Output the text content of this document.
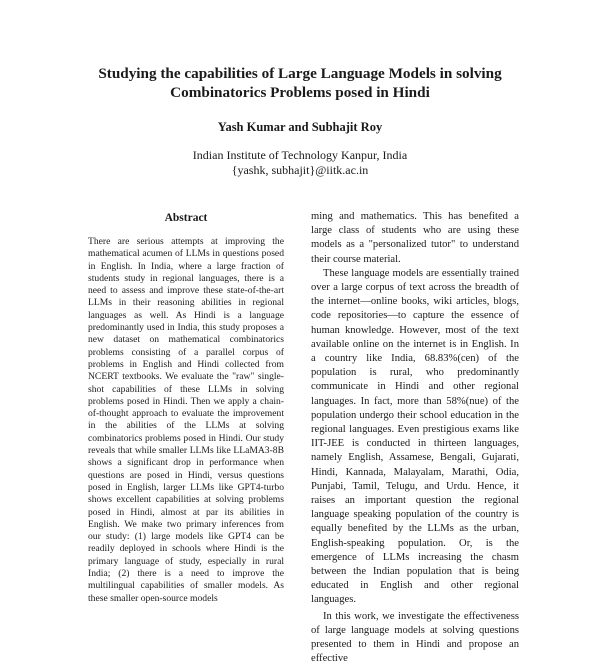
Studying the capabilities of Large Language Models in solving
Combinatorics Problems posed in Hindi
Yash Kumar and Subhajit Roy
Indian Institute of Technology Kanpur, India
{yashk, subhajit}@iitk.ac.in
Abstract
There are serious attempts at improving the mathematical acumen of LLMs in questions posed in English. In India, where a large fraction of students study in regional languages, there is a need to assess and improve these state-of-the-art LLMs in their reasoning abilities in regional languages as well. As Hindi is a language predominantly used in India, this study proposes a new dataset on mathematical combinatorics problems consisting of a parallel corpus of problems in English and Hindi collected from NCERT textbooks. We evaluate the "raw" single-shot capabilities of these LLMs in solving problems posed in Hindi. Then we apply a chain-of-thought approach to evaluate the improvement in the abilities of the LLMs at solving combinatorics problems posed in Hindi. Our study reveals that while smaller LLMs like LLaMA3-8B shows a significant drop in performance when questions are posed in Hindi, versus questions posed in English, larger LLMs like GPT4-turbo shows excellent capabilities at solving problems posed in Hindi, almost at par its abilities in English. We make two primary inferences from our study: (1) large models like GPT4 can be readily deployed in schools where Hindi is the primary language of study, especially in rural India; (2) there is a need to improve the multilingual capabilities of smaller models. As these smaller open-source models

ming and mathematics. This has benefited a large class of students who are using these models as a "personalized tutor" to understand their course material.

These language models are essentially trained over a large corpus of text across the breadth of the internet—online books, wiki articles, blogs, code repositories—to capture the essence of human knowledge. However, most of the text available online on the internet is in English. In a country like India, 68.83%(cen) of the population is rural, who predominantly communicate in Hindi and other regional languages. In fact, more than 58%(nue) of the population undergo their school education in the regional languages. Even prestigious exams like IIT-JEE is conducted in thirteen languages, namely English, Assamese, Bengali, Gujarati, Hindi, Kannada, Malayalam, Marathi, Odia, Punjabi, Tamil, Telugu, and Urdu. Hence, it raises an important question the regional language speaking population of the country is equally benefited by the LLMs as the urban, English-speaking population. Or, is the emergence of LLMs increasing the chasm between the Indian population that is being educated in English and other regional languages.

In this work, we investigate the effectiveness of large language models at solving questions presented to them in Hindi and propose an effective
